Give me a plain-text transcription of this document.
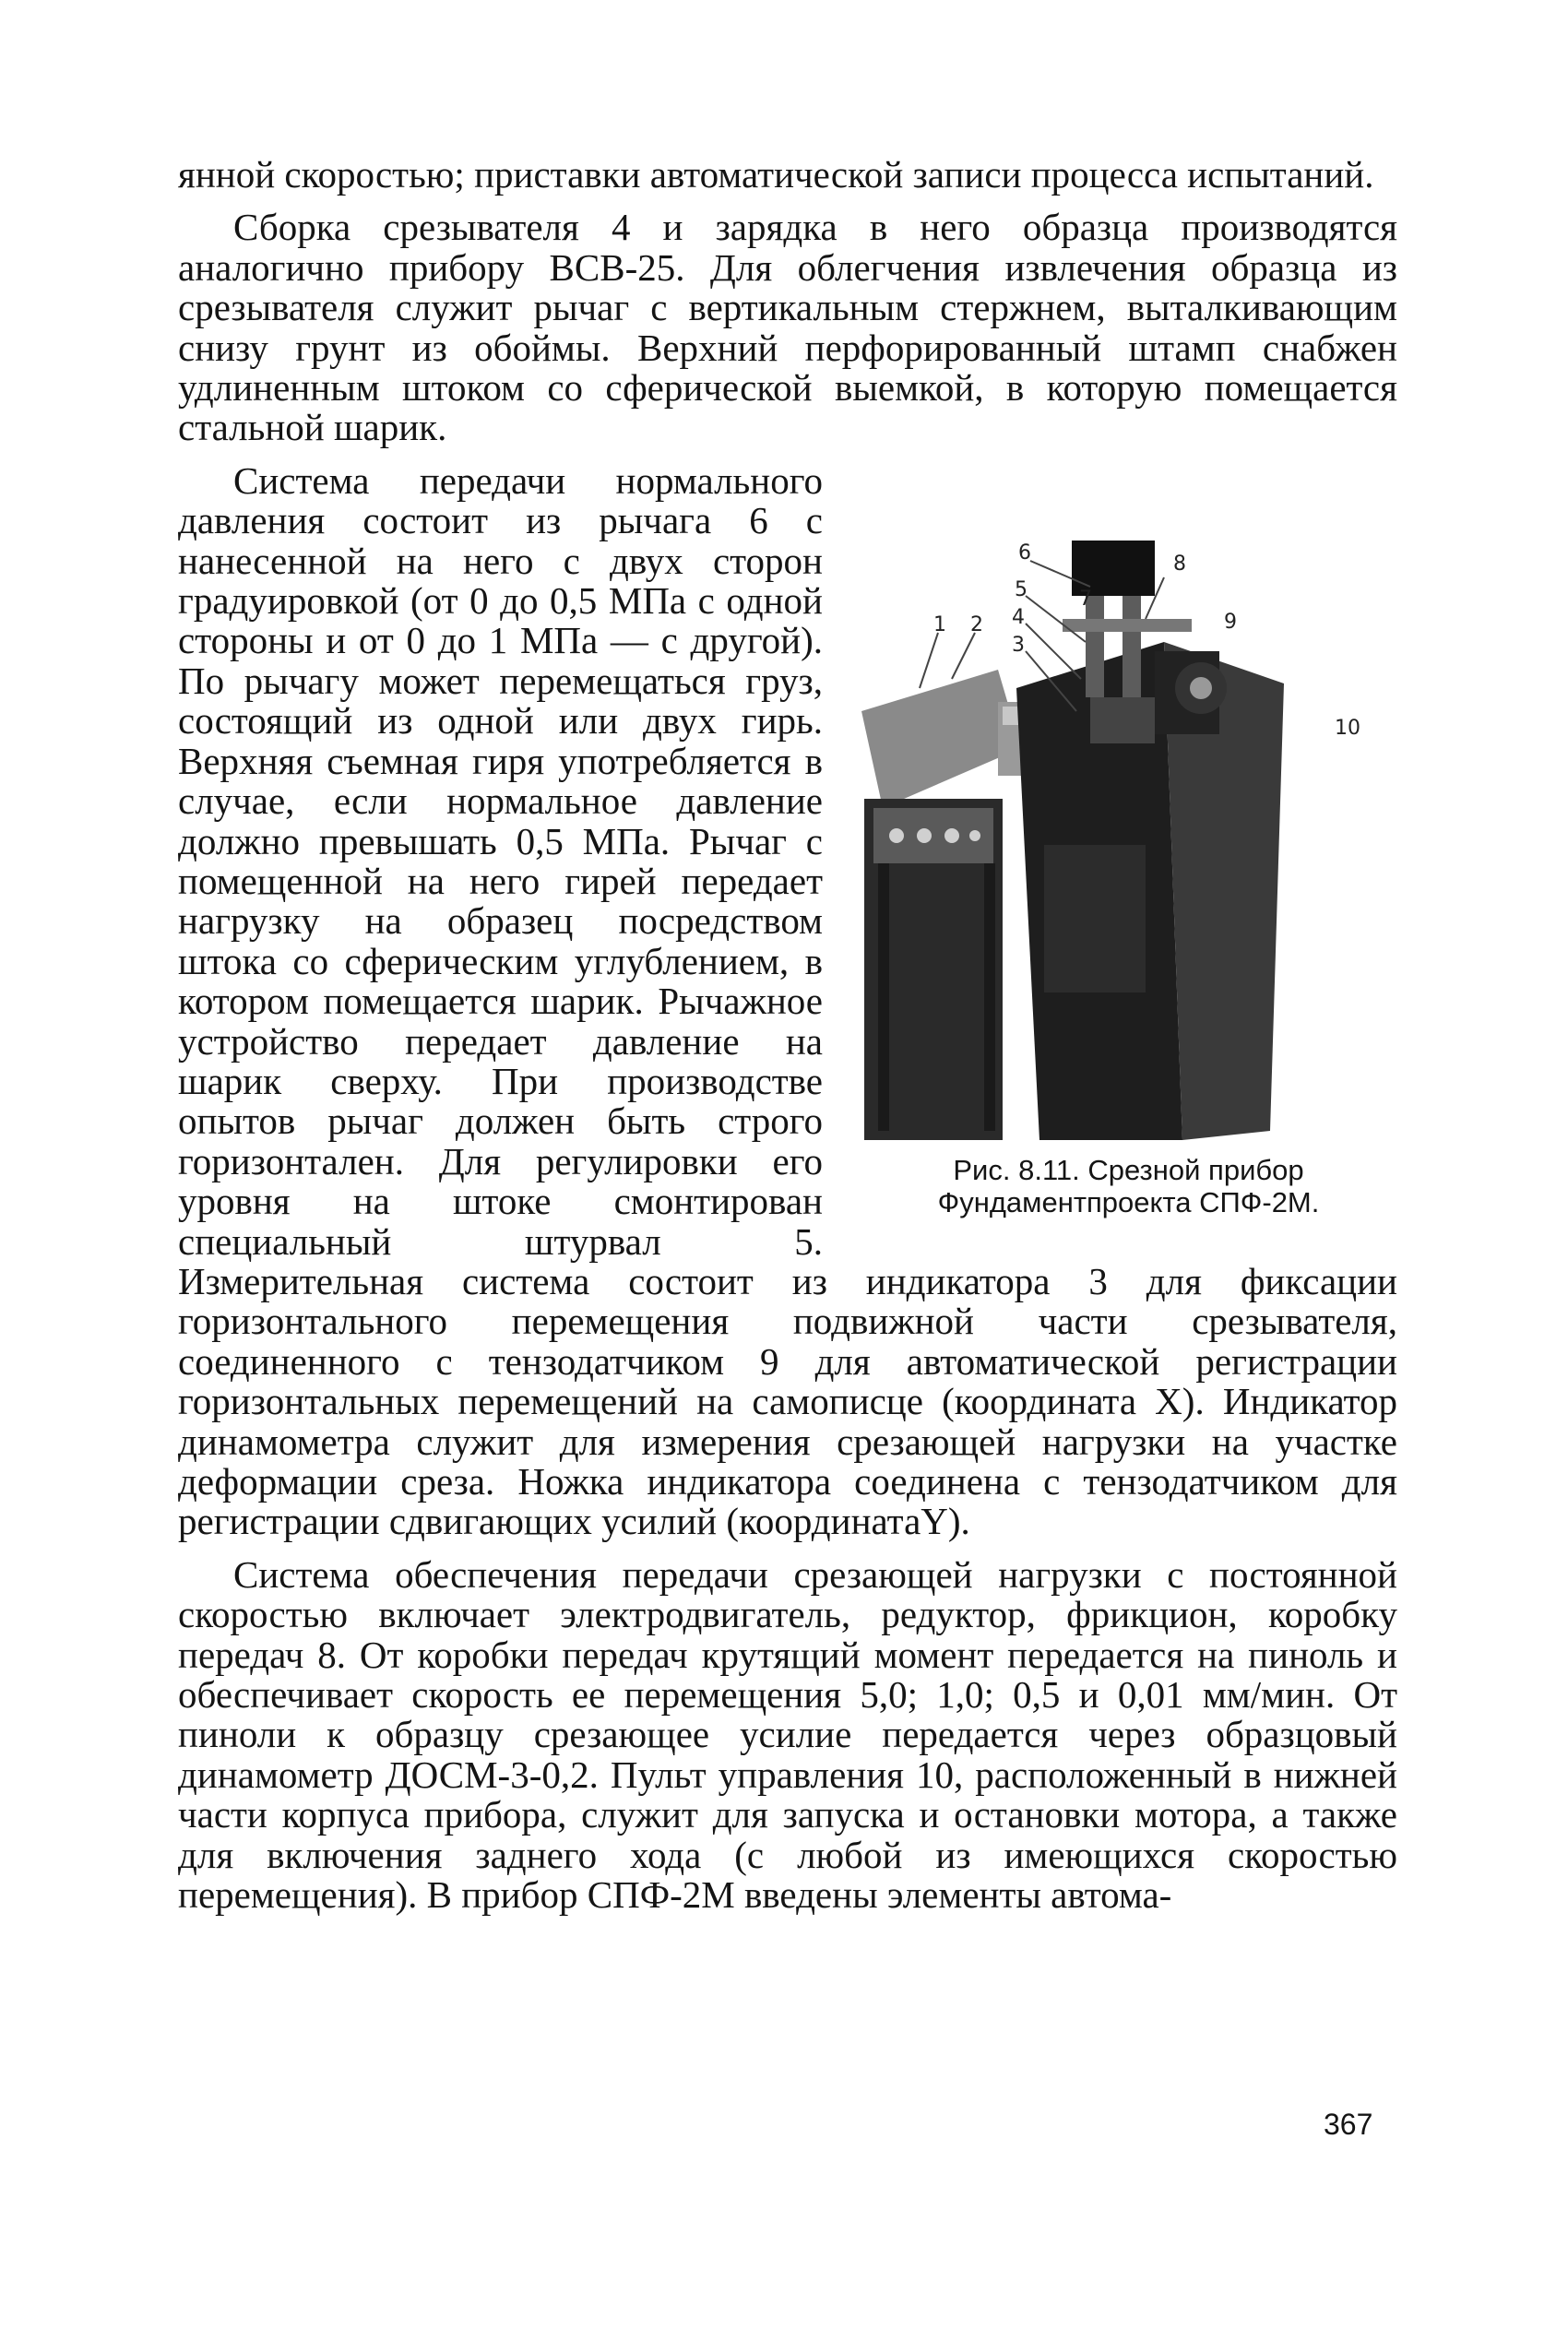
янной скоростью; приставки автоматической записи процесса испытаний.

Сборка срезывателя 4 и зарядка в него образца производятся аналогично прибору ВСВ-25. Для облегчения извлечения образца из срезывателя служит рычаг с вертикальным стержнем, выталкивающим снизу грунт из обоймы. Верхний перфорированный штамп снабжен удлиненным штоком со сферической выемкой, в которую помещается стальной шарик.

6	8
5	7
4	9
1 2
3
10
Рис. 8.11. Срезной прибор Фундаментпроекта СПФ-2М.

Система передачи нормального давления состоит из рычага 6 с нанесенной на него с двух сторон градуировкой (от 0 до 0,5 МПа с одной стороны и от 0 до 1 МПа — с другой). По рычагу может перемещаться груз, состоящий из одной или двух гирь. Верхняя съемная гиря употребляется в случае, если нормальное давление должно превышать 0,5 МПа. Рычаг с помещенной на него гирей передает нагрузку на образец посредством штока со сферическим углублением, в котором помещается шарик. Рычажное устройство передает давление на шарик сверху. При производстве опытов рычаг должен быть строго горизонтален. Для регулировки его уровня на штоке смонтирован специальный штурвал 5. Измерительная система состоит из индикатора 3 для фиксации горизонтального перемещения подвижной части срезывателя, соединенного с тензодатчиком 9 для автоматической регистрации горизонтальных перемещений на самописце (координата X). Индикатор динамометра служит для измерения срезающей нагрузки на участке деформации среза. Ножка индикатора соединена с тензодатчиком для регистрации сдвигающих усилий (координатаY).

Система обеспечения передачи срезающей нагрузки с постоянной скоростью включает электродвигатель, редуктор, фрикцион, коробку передач 8. От коробки передач крутящий момент передается на пиноль и обеспечивает скорость ее перемещения 5,0; 1,0; 0,5 и 0,01 мм/мин. От пиноли к образцу срезающее усилие передается через образцовый динамометр ДОСМ-3-0,2. Пульт управления 10, расположенный в нижней части корпуса прибора, служит для запуска и остановки мотора, а также для включения заднего хода (с любой из имеющихся скоростью перемещения). В прибор СПФ-2М введены элементы автома-

367
